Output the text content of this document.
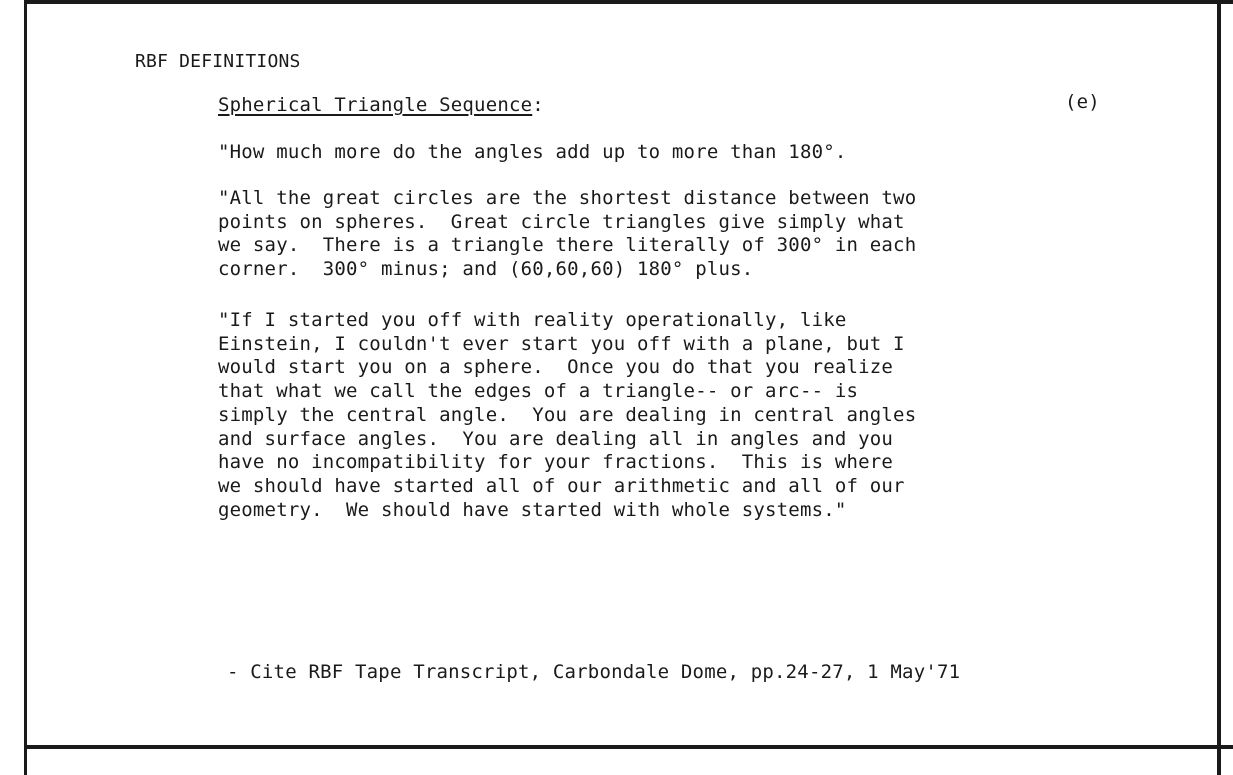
RBF DEFINITIONS
Spherical Triangle Sequence:	(e)
"How much more do the angles add up to more than 180°.
"All the great circles are the shortest distance between two
points on spheres.  Great circle triangles give simply what
we say.  There is a triangle there literally of 300° in each
corner.  300° minus; and (60,60,60) 180° plus.
"If I started you off with reality operationally, like
Einstein, I couldn't ever start you off with a plane, but I
would start you on a sphere.  Once you do that you realize
that what we call the edges of a triangle-- or arc-- is
simply the central angle.  You are dealing in central angles
and surface angles.  You are dealing all in angles and you
have no incompatibility for your fractions.  This is where
we should have started all of our arithmetic and all of our
geometry.  We should have started with whole systems."
- Cite RBF Tape Transcript, Carbondale Dome, pp.24-27, 1 May'71
